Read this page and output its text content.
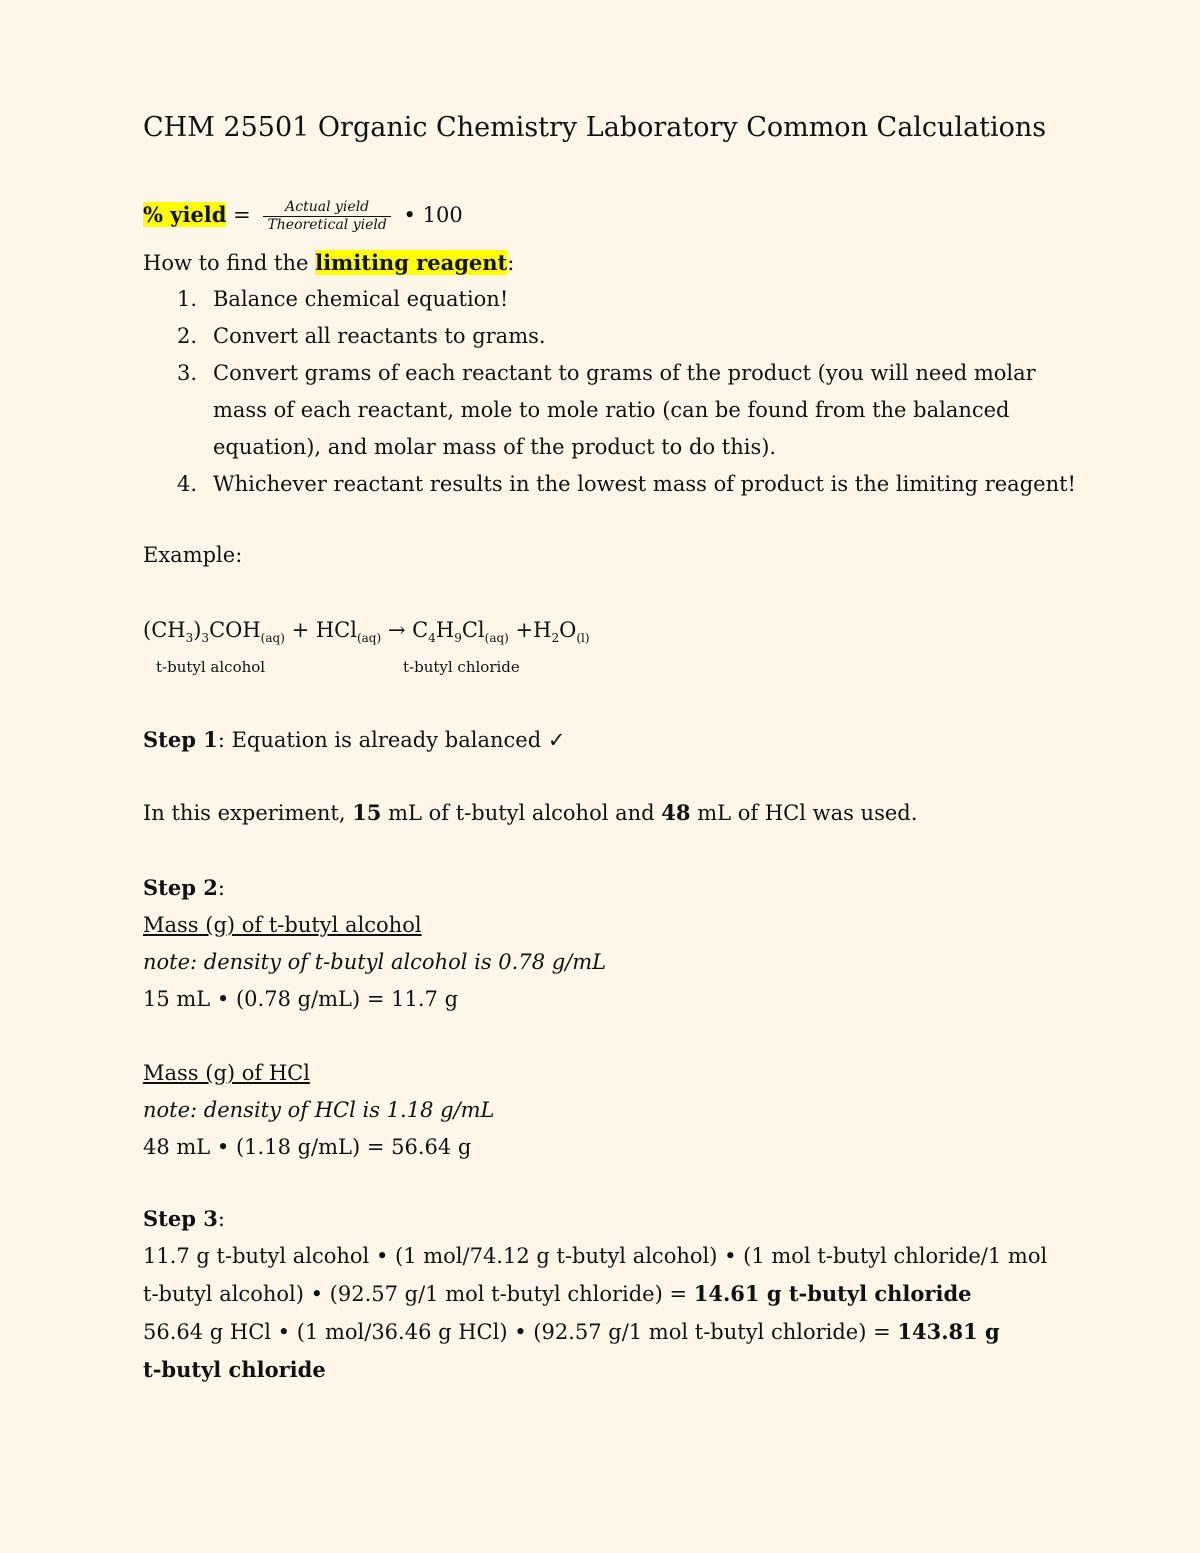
CHM 25501 Organic Chemistry Laboratory Common Calculations
% yield = $\frac{\text{Actual yield}}{\text{Theoretical yield}}$ • 100
How to find the limiting reagent:
1. Balance chemical equation!
2. Convert all reactants to grams.
3. Convert grams of each reactant to grams of the product (you will need molar mass of each reactant, mole to mole ratio (can be found from the balanced equation), and molar mass of the product to do this).
4. Whichever reactant results in the lowest mass of product is the limiting reagent!
Example:
$(CH_3)_3COH_{(aq)} + HCl_{(aq)} \to C_4H_9Cl_{(aq)} +H_2O_{(l)}$
t-butyl alcohol	t-butyl chloride
Step 1: Equation is already balanced ✓
In this experiment, 15 mL of t-butyl alcohol and 48 mL of HCl was used.
Step 2:
Mass (g) of t-butyl alcohol
note: density of t-butyl alcohol is 0.78 g/mL
15 mL • (0.78 g/mL) = 11.7 g

Mass (g) of HCl
note: density of HCl is 1.18 g/mL
48 mL • (1.18 g/mL) = 56.64 g
Step 3:
11.7 g t-butyl alcohol • (1 mol/74.12 g t-butyl alcohol) • (1 mol t-butyl chloride/1 mol
t-butyl alcohol) • (92.57 g/1 mol t-butyl chloride) = 14.61 g t-butyl chloride
56.64 g HCl • (1 mol/36.46 g HCl) • (92.57 g/1 mol t-butyl chloride) = 143.81 g
t-butyl chloride
